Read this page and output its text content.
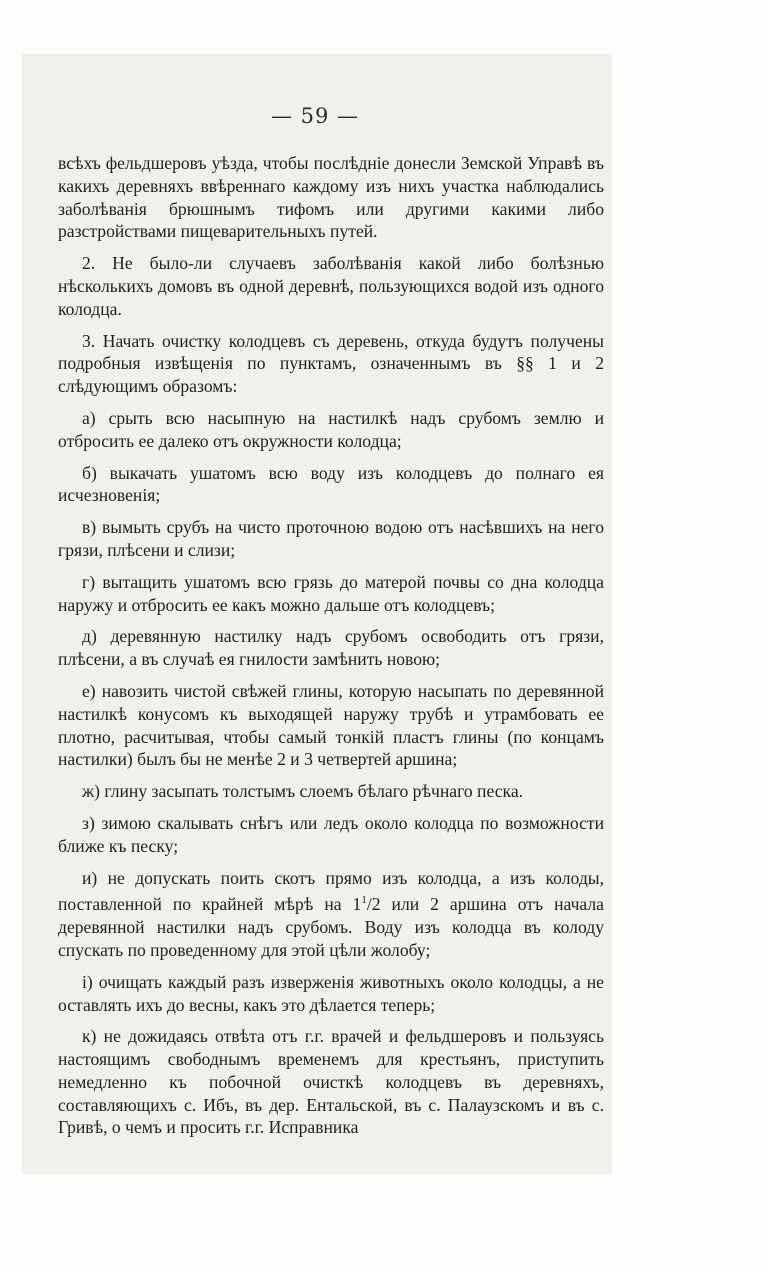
— 59 —

всѣхъ фельдшеровъ уѣзда, чтобы послѣдніе донесли Земской Управѣ въ какихъ деревняхъ ввѣреннаго каждому изъ нихъ участка наблюдались заболѣванія брюшнымъ тифомъ или другими какими либо разстройствами пищеварительныхъ путей.

2. Не было-ли случаевъ заболѣванія какой либо болѣзнью нѣсколькихъ домовъ въ одной деревнѣ, пользующихся водой изъ одного колодца.

3. Начать очистку колодцевъ съ деревень, откуда будутъ получены подробныя извѣщенія по пунктамъ, означеннымъ въ §§ 1 и 2 слѣдующимъ образомъ:

а) срыть всю насыпную на настилкѣ надъ срубомъ землю и отбросить ее далеко отъ окружности колодца;

б) выкачать ушатомъ всю воду изъ колодцевъ до полнаго ея исчезновенія;

в) вымыть срубъ на чисто проточною водою отъ насѣвшихъ на него грязи, плѣсени и слизи;

г) вытащить ушатомъ всю грязь до матерой почвы со дна колодца наружу и отбросить ее какъ можно дальше отъ колодцевъ;

д) деревянную настилку надъ срубомъ освободить отъ грязи, плѣсени, а въ случаѣ ея гнилости замѣнить новою;

е) навозить чистой свѣжей глины, которую насыпать по деревянной настилкѣ конусомъ къ выходящей наружу трубѣ и утрамбовать ее плотно, расчитывая, чтобы самый тонкій пластъ глины (по концамъ настилки) былъ бы не менѣе 2 и 3 четвертей аршина;

ж) глину засыпать толстымъ слоемъ бѣлаго рѣчнаго песка.

з) зимою скалывать снѣгъ или ледъ около колодца по возможности ближе къ песку;

и) не допускать поить скотъ прямо изъ колодца, а изъ колоды, поставленной по крайней мѣрѣ на $1^1/2$ или 2 аршина отъ начала деревянной настилки надъ срубомъ. Воду изъ колодца въ колоду спускать по проведенному для этой цѣли жолобу;

і) очищать каждый разъ изверженія животныхъ около колодцы, а не оставлять ихъ до весны, какъ это дѣлается теперь;

к) не дожидаясь отвѣта отъ г.г. врачей и фельдшеровъ и пользуясь настоящимъ свободнымъ временемъ для крестьянъ, приступить немедленно къ побочной очисткѣ колодцевъ въ деревняхъ, составляющихъ с. Ибъ, въ дер. Ентальской, въ с. Палаузскомъ и въ с. Гривѣ, о чемъ и просить г.г. Исправника
